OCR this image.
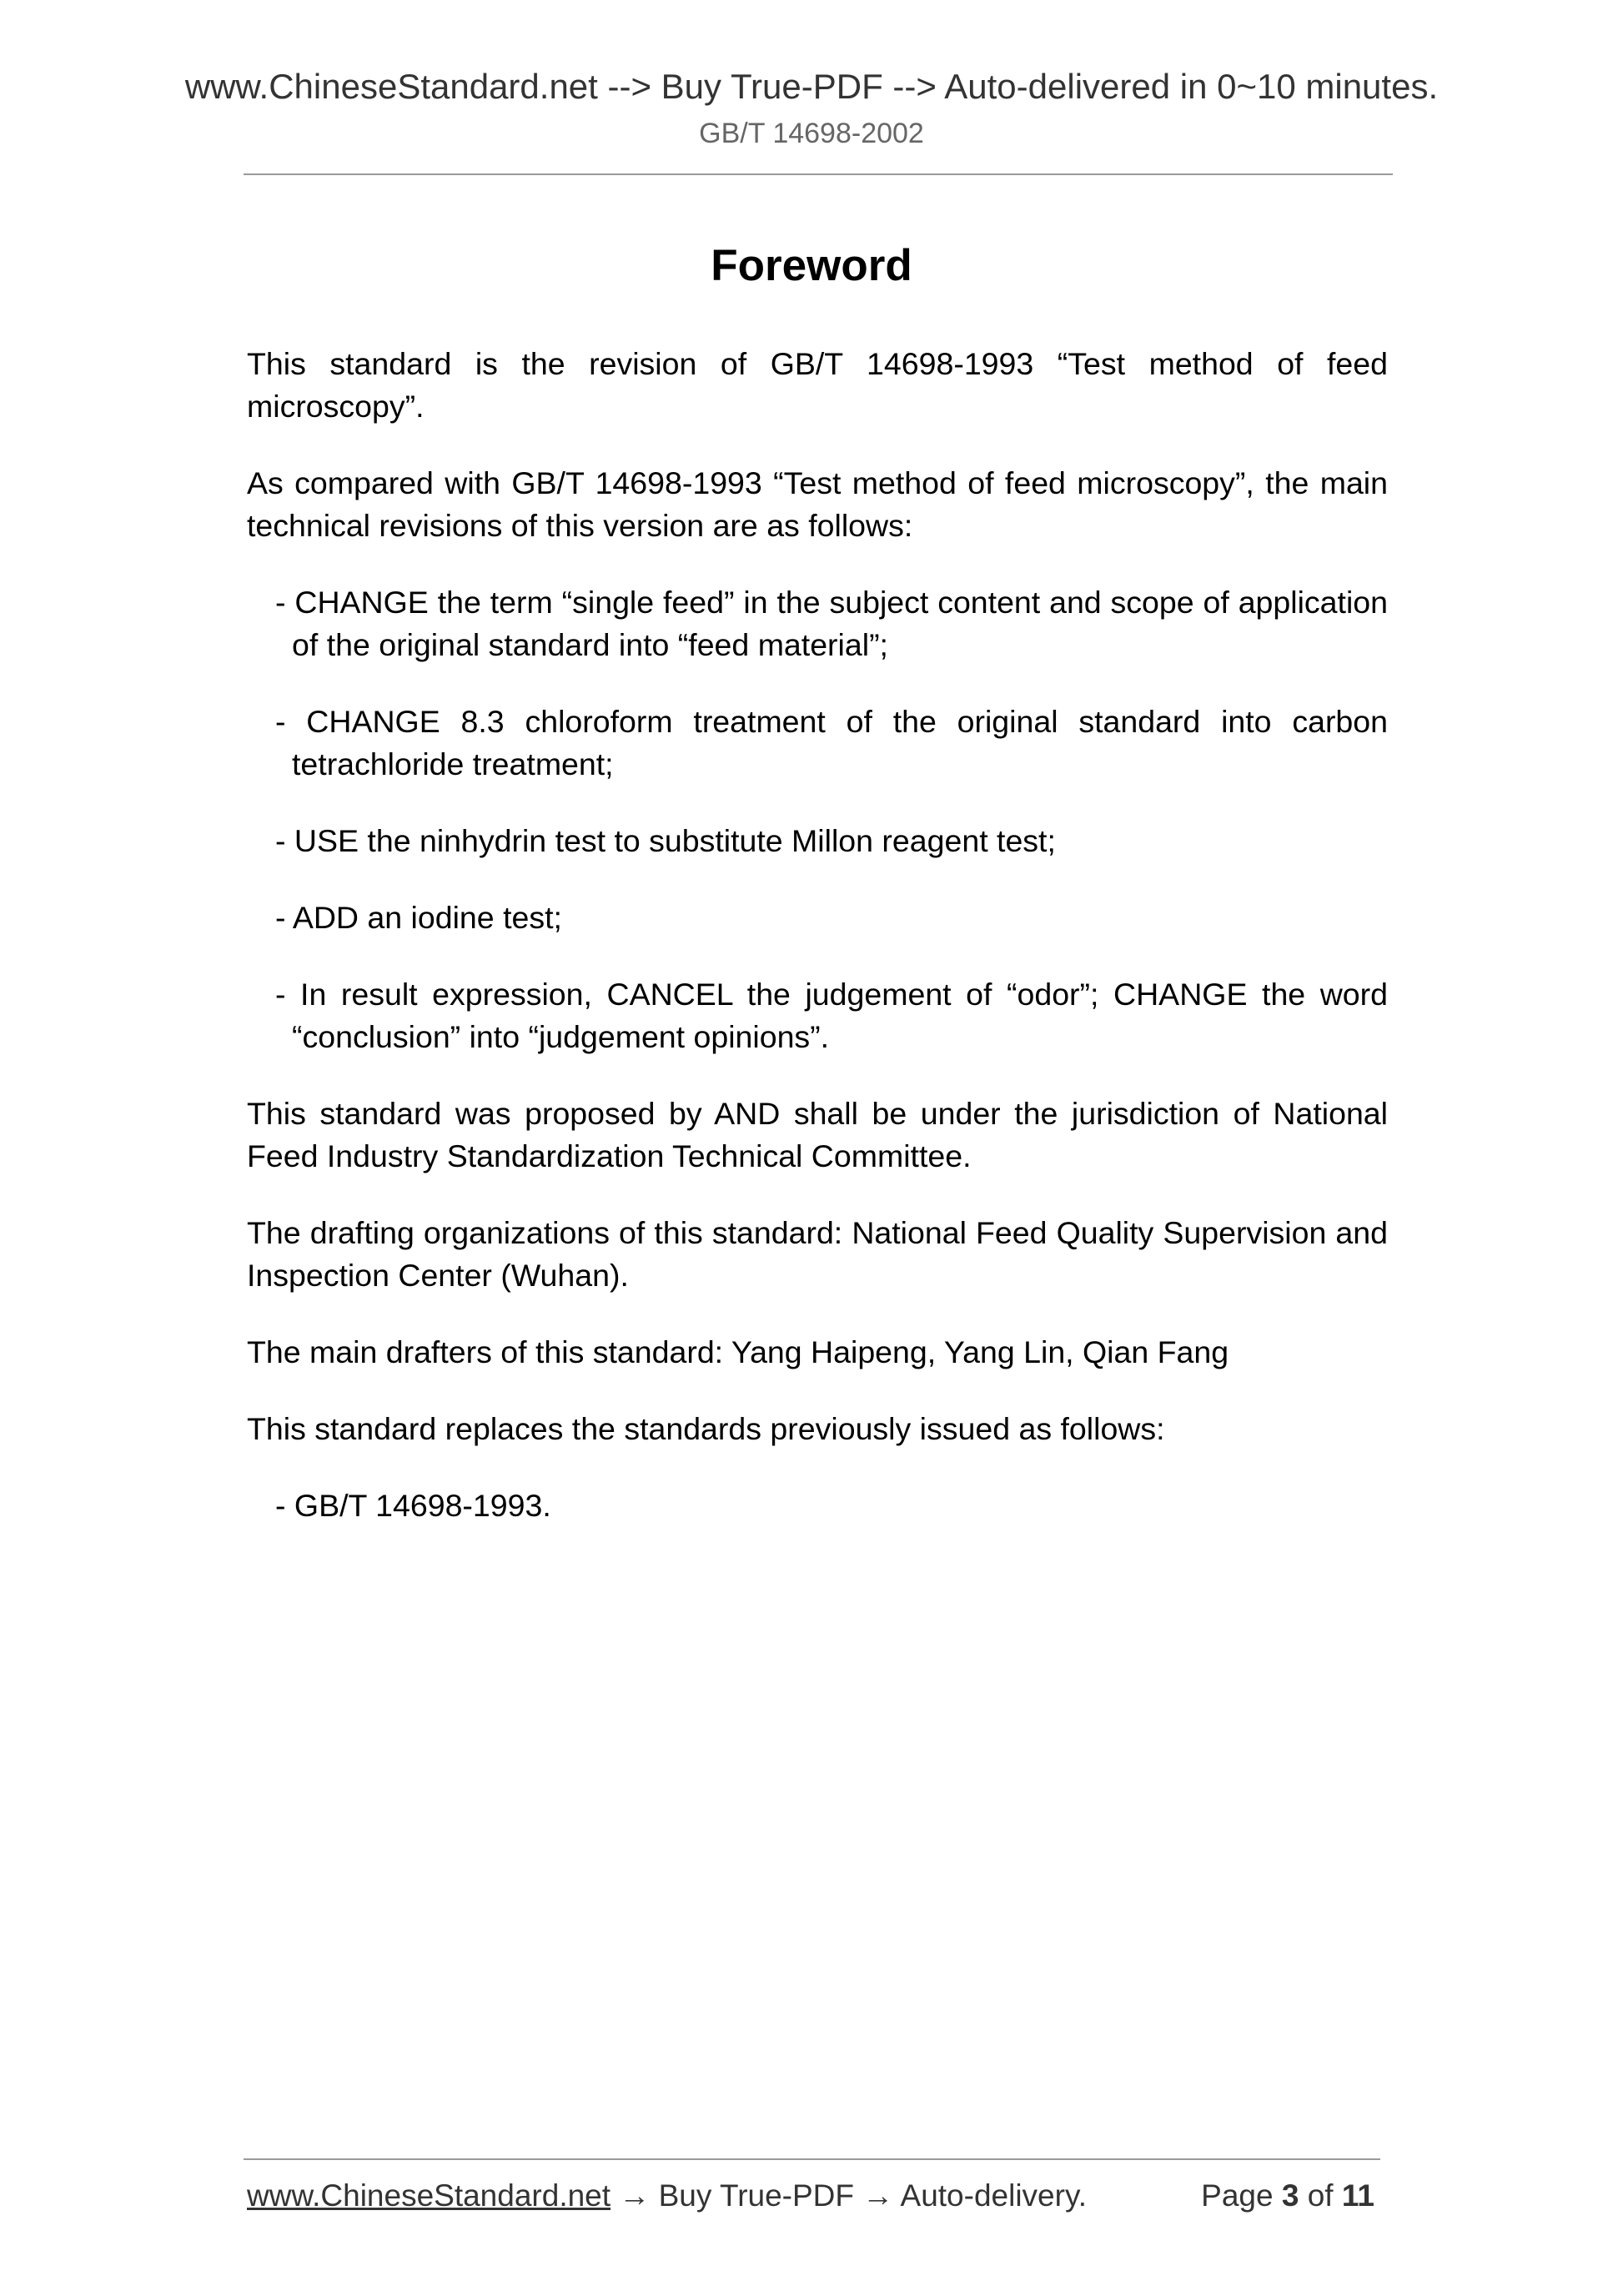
www.ChineseStandard.net --> Buy True-PDF --> Auto-delivered in 0~10 minutes.
GB/T 14698-2002
Foreword

This standard is the revision of GB/T 14698-1993 “Test method of feed microscopy”.

As compared with GB/T 14698-1993 “Test method of feed microscopy”, the main technical revisions of this version are as follows:

- CHANGE the term “single feed” in the subject content and scope of application of the original standard into “feed material”;

- CHANGE 8.3 chloroform treatment of the original standard into carbon tetrachloride treatment;

- USE the ninhydrin test to substitute Millon reagent test;

- ADD an iodine test;

- In result expression, CANCEL the judgement of “odor”; CHANGE the word “conclusion” into “judgement opinions”.

This standard was proposed by AND shall be under the jurisdiction of National Feed Industry Standardization Technical Committee.

The drafting organizations of this standard: National Feed Quality Supervision and Inspection Center (Wuhan).

The main drafters of this standard: Yang Haipeng, Yang Lin, Qian Fang

This standard replaces the standards previously issued as follows:

- GB/T 14698-1993.

www.ChineseStandard.net → Buy True-PDF → Auto-delivery.	Page 3 of 11
